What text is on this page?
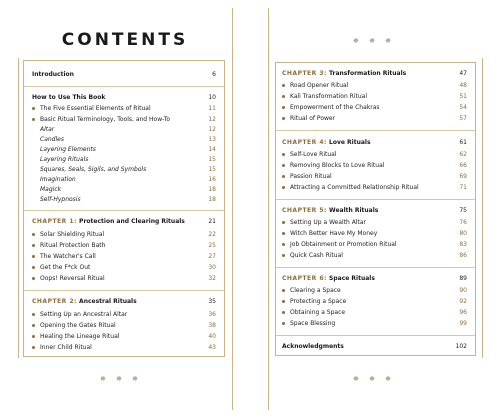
CONTENTS
Introduction	6
How to Use This Book	10
The Five Essential Elements of Ritual	11
Basic Ritual Terminology, Tools, and How-To	12
Altar	12
Candles	13
Layering Elements	14
Layering Rituals	15
Squares, Seals, Sigils, and Symbols	15
Imagination	16
Magick	18
Self-Hypnosis	18
CHAPTER 1: Protection and Clearing Rituals	21
Solar Shielding Ritual	22
Ritual Protection Bath	25
The Watcher's Call	27
Get the F*ck Out	30
Oops! Reversal Ritual	32
CHAPTER 2: Ancestral Rituals	35
Setting Up an Ancestral Altar	36
Opening the Gates Ritual	38
Healing the Lineage Ritual	40
Inner Child Ritual	43
✵ ✵ ✵
✵ ✵ ✵
CHAPTER 3: Transformation Rituals	47
Road Opener Ritual	48
Kali Transformation Ritual	51
Empowerment of the Chakras	54
Ritual of Power	57
CHAPTER 4: Love Rituals	61
Self-Love Ritual	62
Removing Blocks to Love Ritual	66
Passion Ritual	69
Attracting a Committed Relationship Ritual	71
CHAPTER 5: Wealth Rituals	75
Setting Up a Wealth Altar	76
Witch Better Have My Money	80
Job Obtainment or Promotion Ritual	83
Quick Cash Ritual	86
CHAPTER 6: Space Rituals	89
Clearing a Space	90
Protecting a Space	92
Obtaining a Space	96
Space Blessing	99
Acknowledgments	102
✵ ✵ ✵
